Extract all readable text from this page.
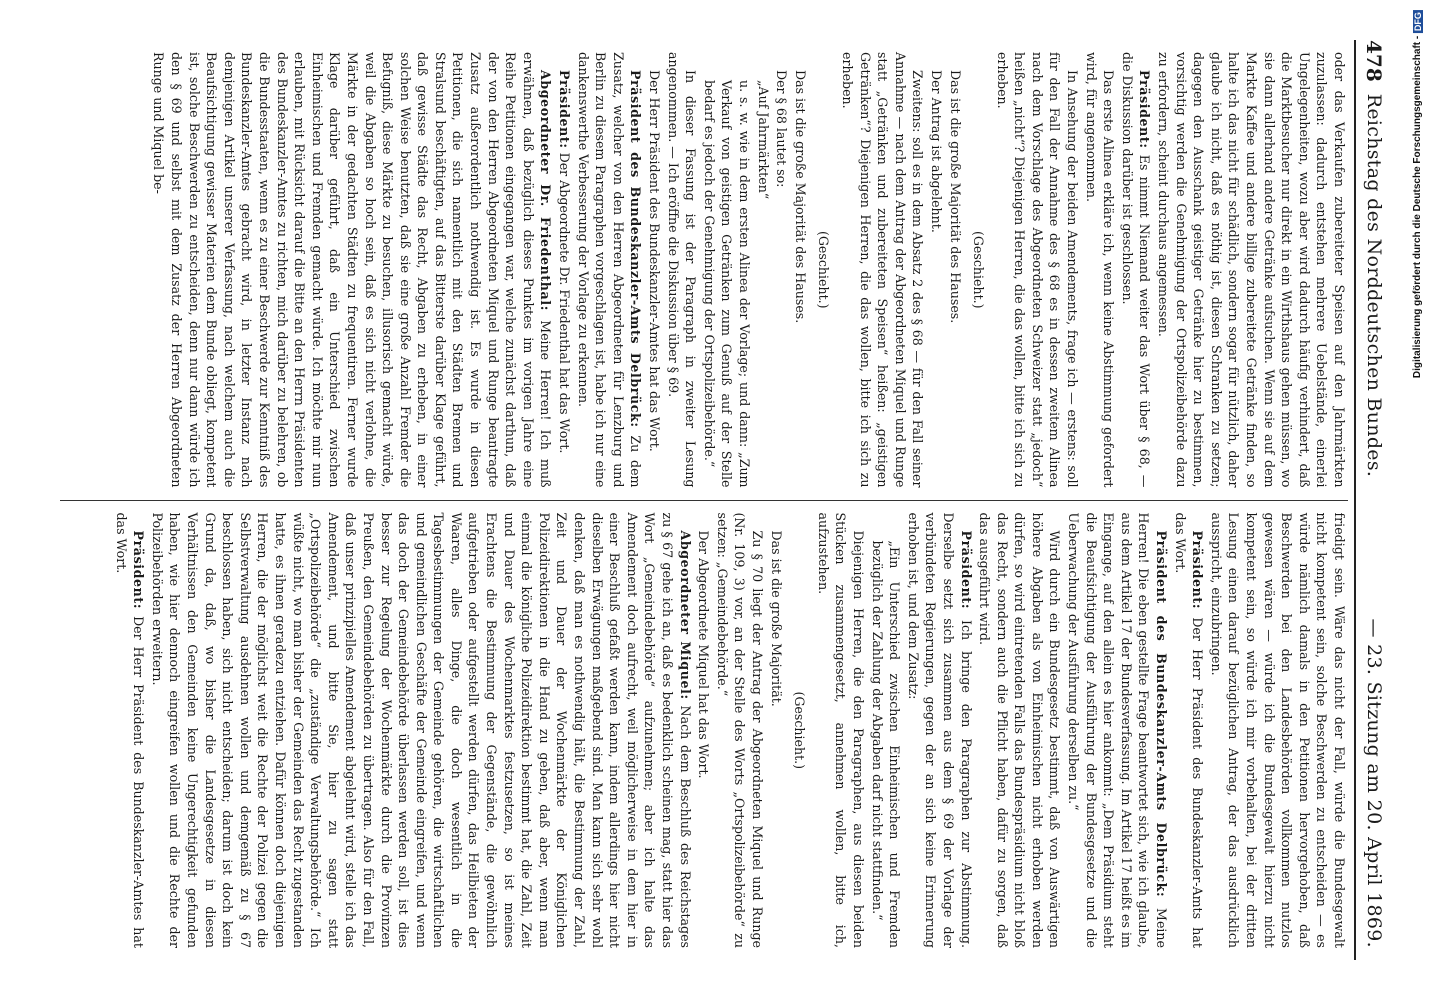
478
Reichstag des Norddeutschen Bundes.
— 23. Sitzung am 20. April 1869.

oder das Verkaufen zubereiteter Speisen auf den Jahrmärkten zuzulassen: dadurch entstehen mehrere Uebelstände, einerlei Ungelegenheiten, wozu aber wird dadurch häufig verhindert, daß die Marktbesucher nur direkt in ein Wirthshaus gehen müssen, wo sie dann allerhand andere Getränke aufsuchen. Wenn sie auf dem Markte Kaffee und andere billige zubereitete Getränke finden, so halte ich das nicht für schädlich, sondern sogar für nützlich, daher glaube ich nicht, daß es nöthig ist, diesen Schranken zu setzen; dagegen den Ausschank geistiger Getränke hier zu bestimmen, vorsichtig werden die Genehmigung der Ortspolizeibehörde dazu zu erfordern, scheint durchaus angemessen.

Präsident: Es nimmt Niemand weiter das Wort über § 68, — die Diskussion darüber ist geschlossen.

Das erste Alinea erkläre ich, wenn keine Abstimmung gefordert wird, für angenommen.

In Ansehung der beiden Amendements, frage ich — erstens: soll für den Fall der Annahme des § 68 es in dessen zweitem Alinea nach dem Vorschlage des Abgeordneten Schweizer statt „jedoch“ heißen „nicht“? Diejenigen Herren, die das wollen, bitte ich sich zu erheben.

(Geschieht.)

Das ist die große Majorität des Hauses.

Der Antrag ist abgelehnt.

Zweitens: soll es in dem Absatz 2 des § 68 — für den Fall seiner Annahme — nach dem Antrag der Abgeordneten Miquel und Runge statt „Getränken und zubereiteten Speisen“ heißen: „geistigen Getränken“? Diejenigen Herren, die das wollen, bitte ich sich zu erheben.

(Geschieht.)

Das ist die große Majorität des Hauses.

Der § 68 lautet so:

„Auf Jahrmärkten“

u. s. w. wie in dem ersten Alinea der Vorlage; und dann: „Zum Verkauf von geistigen Getränken zum Genuß auf der Stelle bedarf es jedoch der Genehmigung der Ortspolizeibehörde.“

In dieser Fassung ist der Paragraph in zweiter Lesung angenommen. — Ich eröffne die Diskussion über § 69.

Der Herr Präsident des Bundeskanzler-Amtes hat das Wort.

Präsident des Bundeskanzler-Amts Delbrück: Zu dem Zusatz, welcher von den Herren Abgeordneten für Lenzburg und Berlin zu diesem Paragraphen vorgeschlagen ist, habe ich nur eine dankenswerthe Verbesserung der Vorlage zu erkennen.

Präsident: Der Abgeordnete Dr. Friedenthal hat das Wort.

Abgeordneter Dr. Friedenthal: Meine Herren! Ich muß erwähnen, daß bezüglich dieses Punktes im vorigen Jahre eine Reihe Petitionen eingegangen war, welche zunächst darthun, daß der von den Herren Abgeordneten Miquel und Runge beantragte Zusatz außerordentlich nothwendig ist. Es wurde in diesen Petitionen, die sich namentlich mit den Städten Bremen und Stralsund beschäftigten, auf das Bitterste darüber Klage geführt, daß gewisse Städte das Recht, Abgaben zu erheben, in einer solchen Weise benutzten, daß sie eine große Anzahl Fremder die Befugniß, diese Märkte zu besuchen, illusorisch gemacht würde, weil die Abgaben so hoch sein, daß es sich nicht verlohne, die Märkte in der gedachten Städten zu frequentiren. Ferner wurde Klage darüber geführt, daß ein Unterschied zwischen Einheimischen und Fremden gemacht würde. Ich möchte mir nun erlauben, mit Rücksicht darauf die Bitte an den Herrn Präsidenten des Bundeskanzler-Amtes zu richten, mich darüber zu belehren, ob die Bundesstaaten, wenn es zu einer Beschwerde zur Kenntniß des Bundeskanzler-Amtes gebracht wird, in letzter Instanz nach demjenigen Artikel unserer Verfassung, nach welchem auch die Beaufsichtigung gewisser Materien dem Bunde obliegt, kompetent ist, solche Beschwerden zu entscheiden, denn nur dann würde ich den § 69 und selbst mit dem Zusatz der Herren Abgeordneten Runge und Miquel be-

friedigt sein. Wäre das nicht der Fall, würde die Bundesgewalt nicht kompetent sein, solche Beschwerden zu entscheiden — es würde nämlich damals in den Petitionen hervorgehoben, daß Beschwerden bei den Landesbehörden vollkommen nutzlos gewesen wären — würde ich die Bundesgewalt hierzu nicht kompetent sein, so würde ich mir vorbehalten, bei der dritten Lesung einen darauf bezüglichen Antrag, der das ausdrücklich ausspricht, einzubringen.

Präsident: Der Herr Präsident des Bundeskanzler-Amts hat das Wort.

Präsident des Bundeskanzler-Amts Delbrück: Meine Herren! Die eben gestellte Frage beantwortet sich, wie ich glaube, aus dem Artikel 17 der Bundesverfassung. Im Artikel 17 heißt es im Eingange, auf den allein es hier ankommt: „Dem Präsidium steht die Beaufsichtigung der Ausführung der Bundesgesetze und die Ueberwachung der Ausführung derselben zu.“

Wird durch ein Bundesgesetz bestimmt, daß von Auswärtigen höhere Abgaben als von Einheimischen nicht erhoben werden dürfen, so wird eintretenden Falls das Bundespräsidium nicht bloß das Recht, sondern auch die Pflicht haben, dafür zu sorgen, daß das ausgeführt wird.

Präsident: Ich bringe den Paragraphen zur Abstimmung. Derselbe setzt sich zusammen aus dem § 69 der Vorlage der verbündeten Regierungen, gegen der an sich keine Erinnerung erhoben ist, und dem Zusatz:

„Ein Unterschied zwischen Einheimischen und Fremden bezüglich der Zahlung der Abgaben darf nicht stattfinden.“

Diejenigen Herren, die den Paragraphen, aus diesen beiden Stücken zusammengesetzt, annehmen wollen, bitte ich, aufzustehen.

(Geschieht.)

Das ist die große Majorität.

Zu § 70 liegt der Antrag der Abgeordneten Miquel und Runge (Nr. 109, 3) vor, an der Stelle des Worts „Ortspolizeibehörde“ zu setzen: „Gemeindebehörde.“

Der Abgeordnete Miquel hat das Wort.

Abgeordneter Miquel: Nach dem Beschluß des Reichstages zu § 67 gehe ich an, daß es bedenklich scheinen mag, statt hier das Wort „Gemeindebehörde“ aufzunehmen; aber ich halte das Amendement doch aufrecht, weil möglicherweise in dem hier in einer Beschluß gefaßt werden kann, indem allerdings hier nicht dieselben Erwägungen maßgebend sind. Man kann sich sehr wohl denken, daß man es nothwendig hält, die Bestimmung der Zahl, Zeit und Dauer der Wochenmärkte der Königlichen Polizeidirektionen in die Hand zu geben, daß aber, wenn man einmal die königliche Polizeidirektion bestimmt hat, die Zahl, Zeit und Dauer des Wochenmarktes festzusetzen, so ist meines Erachtens die Bestimmung der Gegenstände, die gewöhnlich aufgetrieben oder aufgestellt werden dürfen, das Heilbieten der Waaren, alles Dinge, die doch wesentlich in die Tagesbestimmungen der Gemeinde gehören, die wirtschaftlichen und gemeindlichen Geschäfte der Gemeinde eingreifen, und wenn das doch der Gemeindebehörde überlassen werden soll, ist dies besser zur Regelung der Wochenmärkte durch die Provinzen Preußen, den Gemeindebehörden zu übertragen. Also für den Fall, daß unser prinzipielles Amendement abgelehnt wird, stelle ich das Amendement, und bitte Sie, hier zu sagen statt „Ortspolizeibehörde“ die „zuständige Verwaltungsbehörde.“ Ich wüßte nicht, wo man bisher der Gemeinden das Recht zugestanden hatte, es ihnen geradezu entziehen. Dafür können doch diejenigen Herren, die der möglichst weit die Rechte der Polizei gegen die Selbstverwaltung ausdehnen wollen und demgemäß zu § 67 beschlossen haben, sich nicht entscheiden; darum ist doch kein Grund da, daß, wo bisher die Landesgesetze in diesen Verhältnissen den Gemeinden keine Ungerechtigkeit gefunden haben, wie hier dennoch eingreifen wollen und die Rechte der Polizeibehörden erweitern.

Präsident: Der Herr Präsident des Bundeskanzler-Amtes hat das Wort.

Digitalisierung gefördert durch die Deutsche Forschungsgemeinschaft - DFG
